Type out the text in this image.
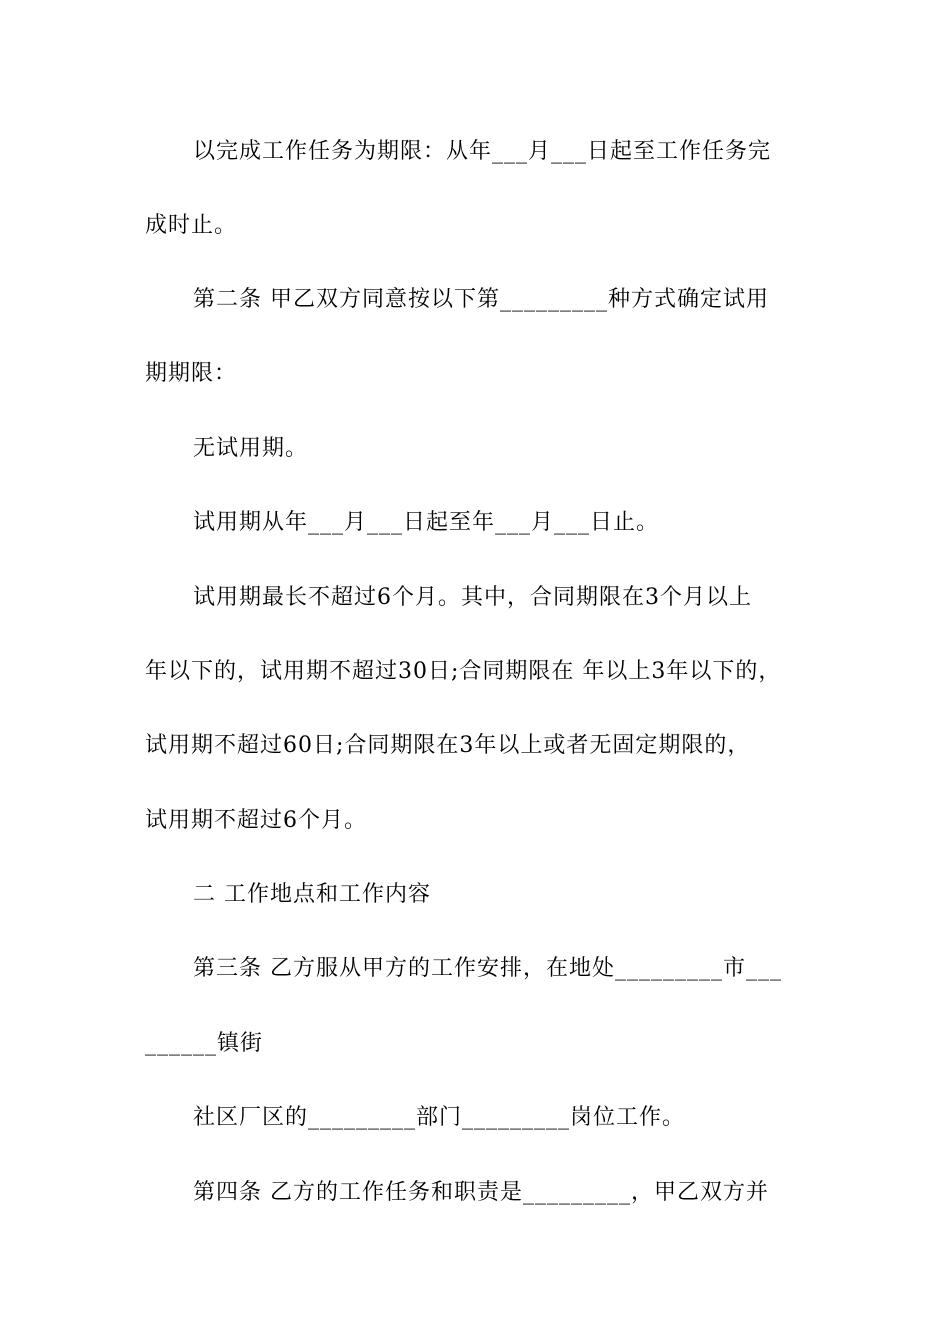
以完成工作任务为期限：从年___月___日起至工作任务完
成时止。
第二条 甲乙双方同意按以下第_________种方式确定试用
期期限：
无试用期。
试用期从年___月___日起至年___月___日止。
试用期最长不超过6个月。其中，合同期限在3个月以上
年以下的，试用期不超过30日;合同期限在 年以上3年以下的，
试用期不超过60日;合同期限在3年以上或者无固定期限的，
试用期不超过6个月。
二 工作地点和工作内容
第三条 乙方服从甲方的工作安排，在地处_________市___
______镇街
社区厂区的_________部门_________岗位工作。
第四条 乙方的工作任务和职责是_________，甲乙双方并
